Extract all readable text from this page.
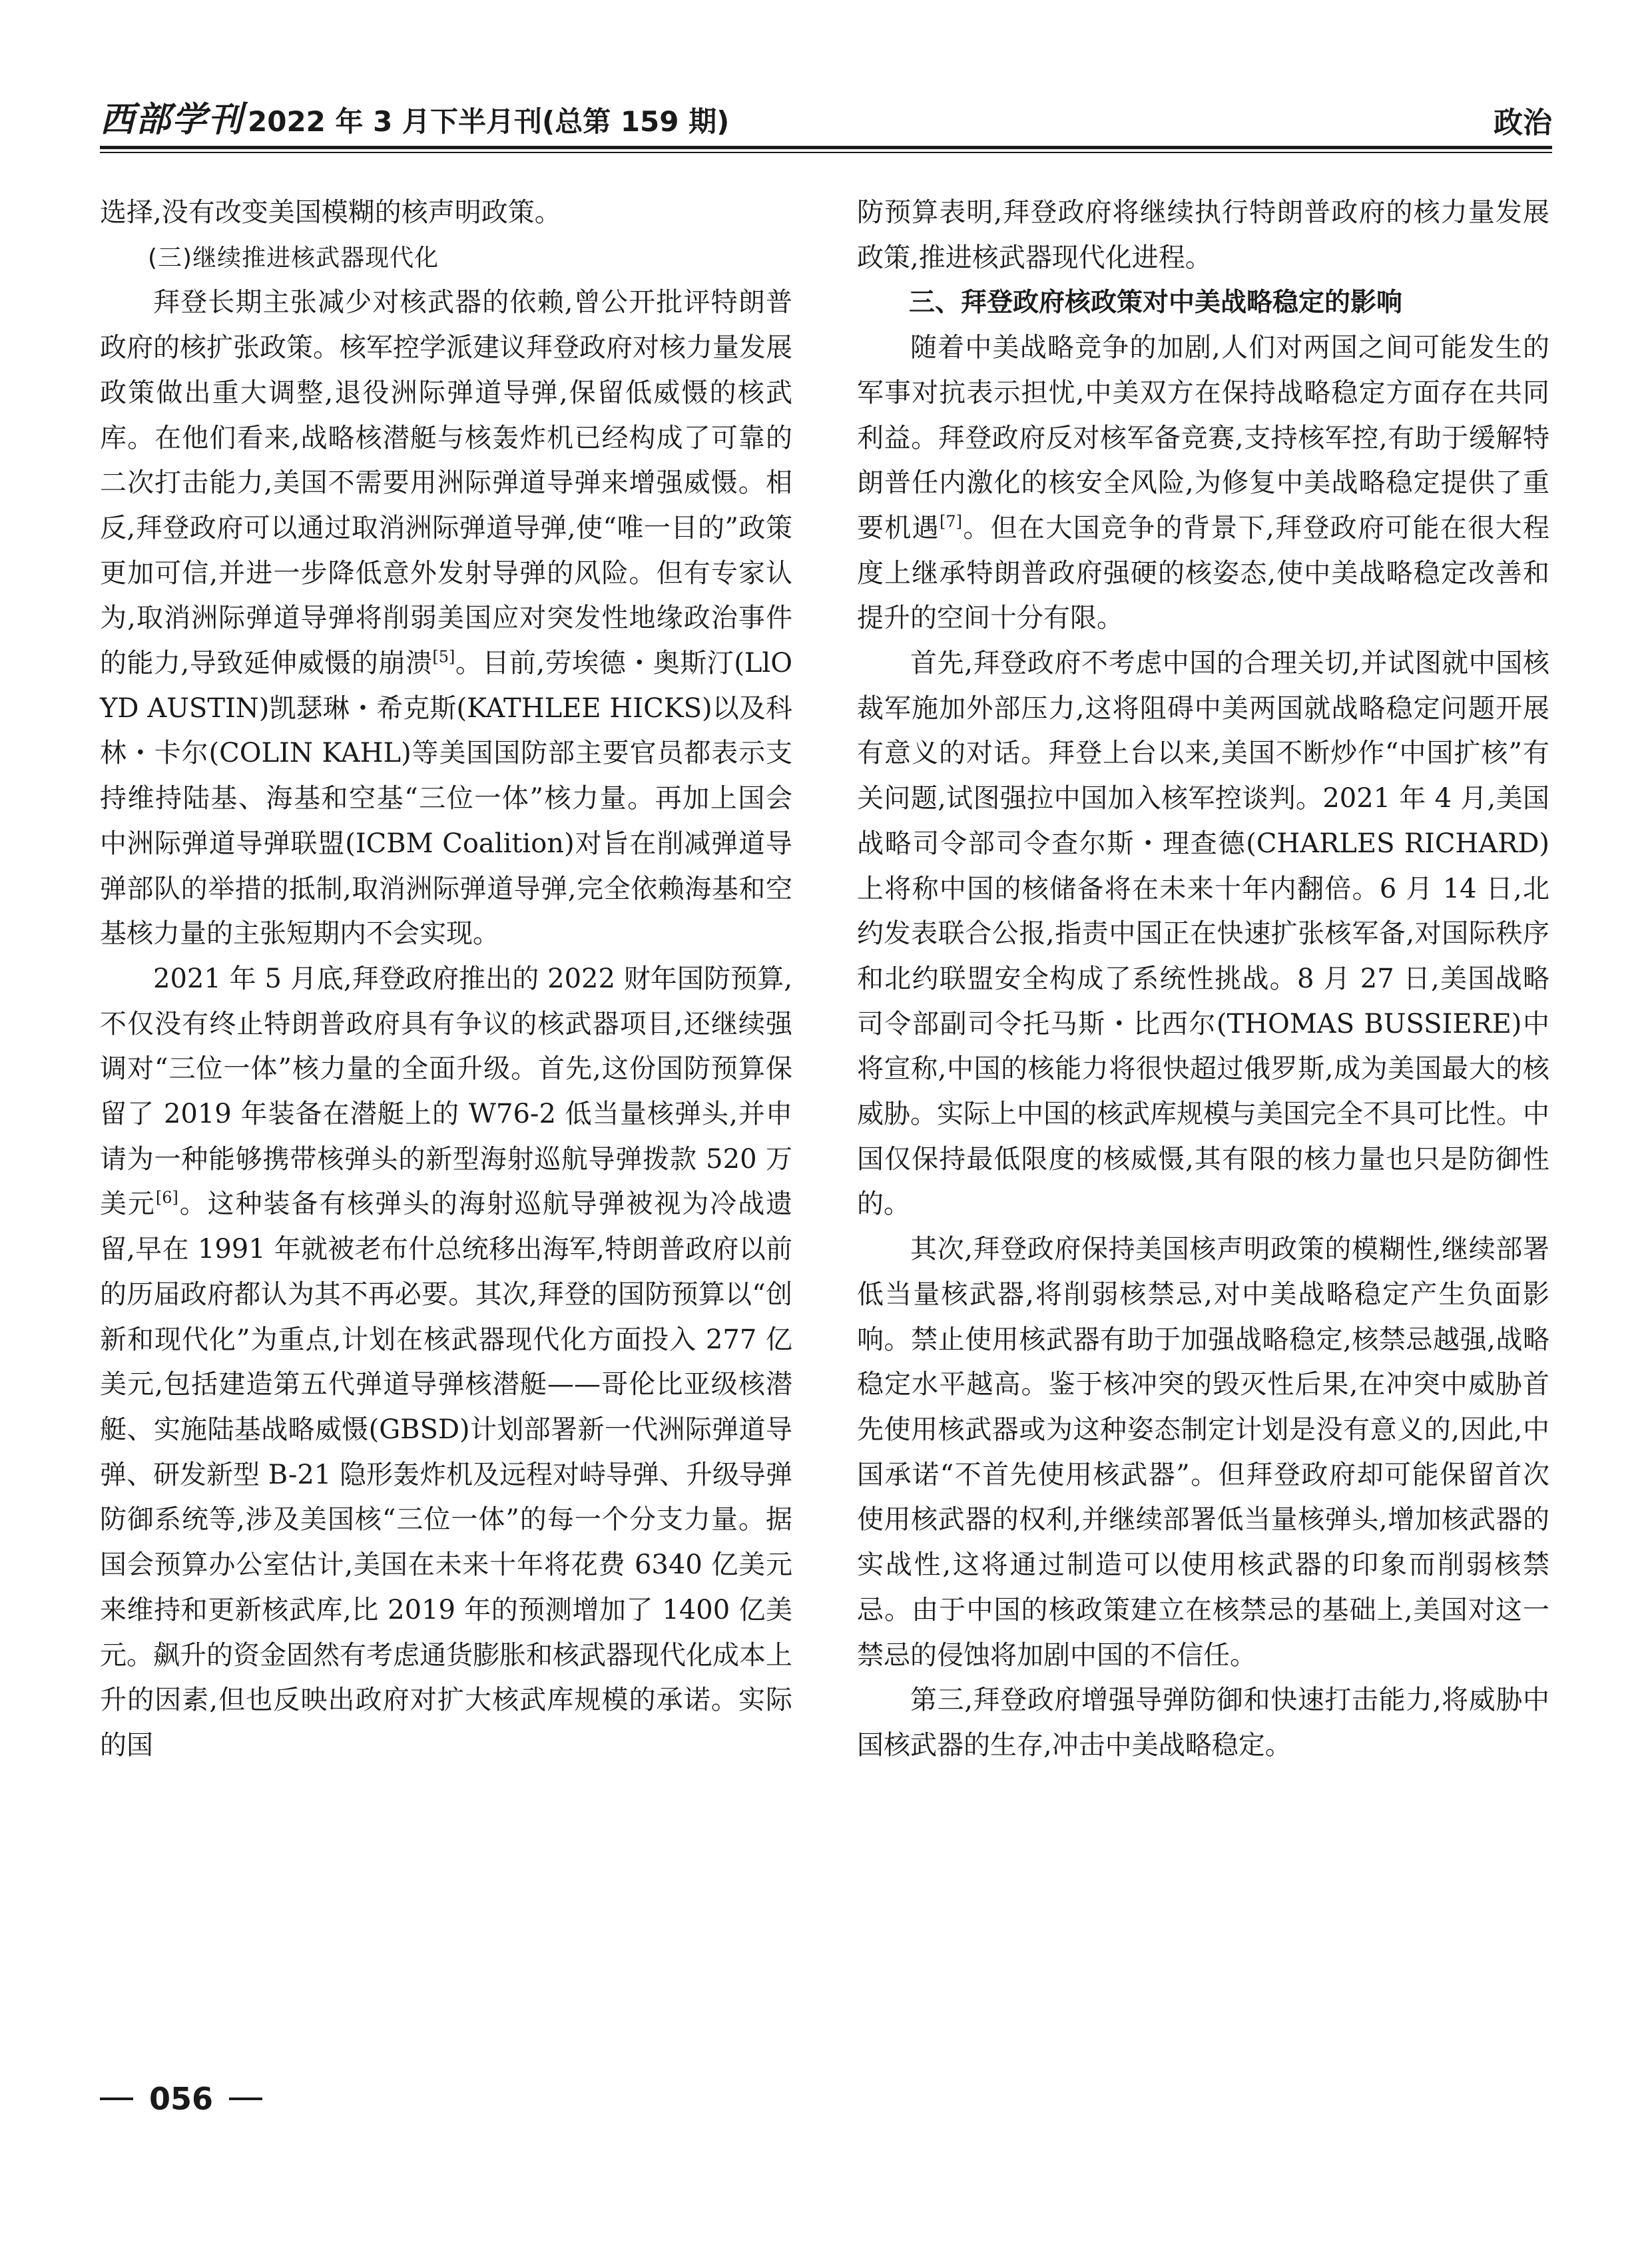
西部学刊 2022 年 3 月下半月刊(总第 159 期)	政治

选择,没有改变美国模糊的核声明政策。

(三)继续推进核武器现代化

拜登长期主张减少对核武器的依赖,曾公开批评特朗普政府的核扩张政策。核军控学派建议拜登政府对核力量发展政策做出重大调整,退役洲际弹道导弹,保留低威慑的核武库。在他们看来,战略核潜艇与核轰炸机已经构成了可靠的二次打击能力,美国不需要用洲际弹道导弹来增强威慑。相反,拜登政府可以通过取消洲际弹道导弹,使“唯一目的”政策更加可信,并进一步降低意外发射导弹的风险。但有专家认为,取消洲际弹道导弹将削弱美国应对突发性地缘政治事件的能力,导致延伸威慑的崩溃[5]。目前,劳埃德・奥斯汀(LlOYD AUSTIN)凯瑟琳・希克斯(KATHLEE HICKS)以及科林・卡尔(COLIN KAHL)等美国国防部主要官员都表示支持维持陆基、海基和空基“三位一体”核力量。再加上国会中洲际弹道导弹联盟(ICBM Coalition)对旨在削减弹道导弹部队的举措的抵制,取消洲际弹道导弹,完全依赖海基和空基核力量的主张短期内不会实现。

2021 年 5 月底,拜登政府推出的 2022 财年国防预算,不仅没有终止特朗普政府具有争议的核武器项目,还继续强调对“三位一体”核力量的全面升级。首先,这份国防预算保留了 2019 年装备在潜艇上的 W76-2 低当量核弹头,并申请为一种能够携带核弹头的新型海射巡航导弹拨款 520 万美元[6]。这种装备有核弹头的海射巡航导弹被视为冷战遗留,早在 1991 年就被老布什总统移出海军,特朗普政府以前的历届政府都认为其不再必要。其次,拜登的国防预算以“创新和现代化”为重点,计划在核武器现代化方面投入 277 亿美元,包括建造第五代弹道导弹核潜艇——哥伦比亚级核潜艇、实施陆基战略威慑(GBSD)计划部署新一代洲际弹道导弹、研发新型 B-21 隐形轰炸机及远程对峙导弹、升级导弹防御系统等,涉及美国核“三位一体”的每一个分支力量。据国会预算办公室估计,美国在未来十年将花费 6340 亿美元来维持和更新核武库,比 2019 年的预测增加了 1400 亿美元。飙升的资金固然有考虑通货膨胀和核武器现代化成本上升的因素,但也反映出政府对扩大核武库规模的承诺。实际的国

防预算表明,拜登政府将继续执行特朗普政府的核力量发展政策,推进核武器现代化进程。

三、拜登政府核政策对中美战略稳定的影响

随着中美战略竞争的加剧,人们对两国之间可能发生的军事对抗表示担忧,中美双方在保持战略稳定方面存在共同利益。拜登政府反对核军备竞赛,支持核军控,有助于缓解特朗普任内激化的核安全风险,为修复中美战略稳定提供了重要机遇[7]。但在大国竞争的背景下,拜登政府可能在很大程度上继承特朗普政府强硬的核姿态,使中美战略稳定改善和提升的空间十分有限。

首先,拜登政府不考虑中国的合理关切,并试图就中国核裁军施加外部压力,这将阻碍中美两国就战略稳定问题开展有意义的对话。拜登上台以来,美国不断炒作“中国扩核”有关问题,试图强拉中国加入核军控谈判。2021 年 4 月,美国战略司令部司令查尔斯・理查德(CHARLES RICHARD)上将称中国的核储备将在未来十年内翻倍。6 月 14 日,北约发表联合公报,指责中国正在快速扩张核军备,对国际秩序和北约联盟安全构成了系统性挑战。8 月 27 日,美国战略司令部副司令托马斯・比西尔(THOMAS BUSSIERE)中将宣称,中国的核能力将很快超过俄罗斯,成为美国最大的核威胁。实际上中国的核武库规模与美国完全不具可比性。中国仅保持最低限度的核威慑,其有限的核力量也只是防御性的。

其次,拜登政府保持美国核声明政策的模糊性,继续部署低当量核武器,将削弱核禁忌,对中美战略稳定产生负面影响。禁止使用核武器有助于加强战略稳定,核禁忌越强,战略稳定水平越高。鉴于核冲突的毁灭性后果,在冲突中威胁首先使用核武器或为这种姿态制定计划是没有意义的,因此,中国承诺“不首先使用核武器”。但拜登政府却可能保留首次使用核武器的权利,并继续部署低当量核弹头,增加核武器的实战性,这将通过制造可以使用核武器的印象而削弱核禁忌。由于中国的核政策建立在核禁忌的基础上,美国对这一禁忌的侵蚀将加剧中国的不信任。

第三,拜登政府增强导弹防御和快速打击能力,将威胁中国核武器的生存,冲击中美战略稳定。

056
